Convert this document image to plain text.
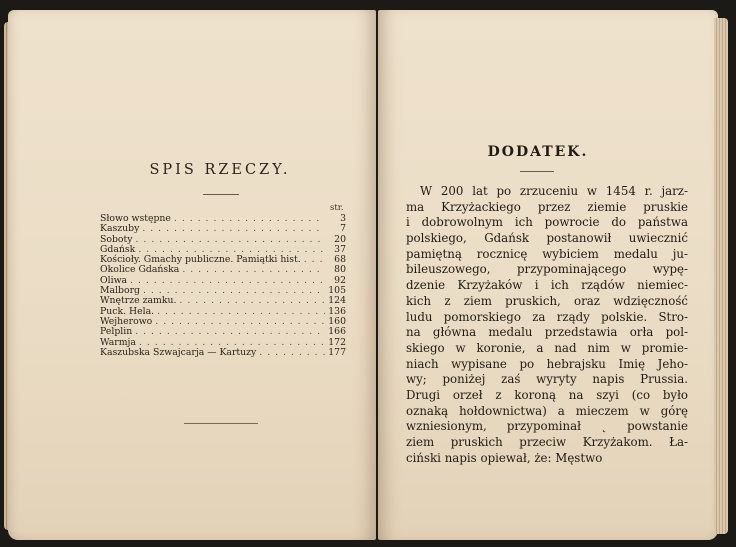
SPIS RZECZY.
str.
Słowo wstępne . . .	3
Kaszuby . . .	7
Soboty . . .	20
Gdańsk . . .	37
Kościoły. Gmachy publiczne. Pamiątki hist. . . .	68
Okolice Gdańska . . .	80
Oliwa . . .	92
Malborg . . .	105
Wnętrze zamku. . . .	124
Puck. Hela. . . .	136
Wejherowo . . .	160
Pelplin . . .	166
Warmja . . .	172
Kaszubska Szwajcarja — Kartuzy . . .	177
DODATEK.
W 200 lat po zrzuceniu w 1454 r. jarz-
ma Krzyżackiego przez ziemie pruskie
i dobrowolnym ich powrocie do państwa
polskiego, Gdańsk postanowił uwiecznić
pamiętną rocznicę wybiciem medalu ju-
bileuszowego, przypominającego wypę-
dzenie Krzyżaków i ich rządów niemiec-
kich z ziem pruskich, oraz wdzięczność
ludu pomorskiego za rządy polskie. Stro-
na główna medalu przedstawia orła pol-
skiego w koronie, a nad nim w promie-
niach wypisane po hebrajsku Imię Jeho-
wy; poniżej zaś wyryty napis Prussia.
Drugi orzeł z koroną na szyi (co było
oznaką hołdownictwa) a mieczem w górę
wzniesionym, przypominał ˛ powstanie
ziem pruskich przeciw Krzyżakom. Ła-
ciński napis opiewał, że: Męstwo
